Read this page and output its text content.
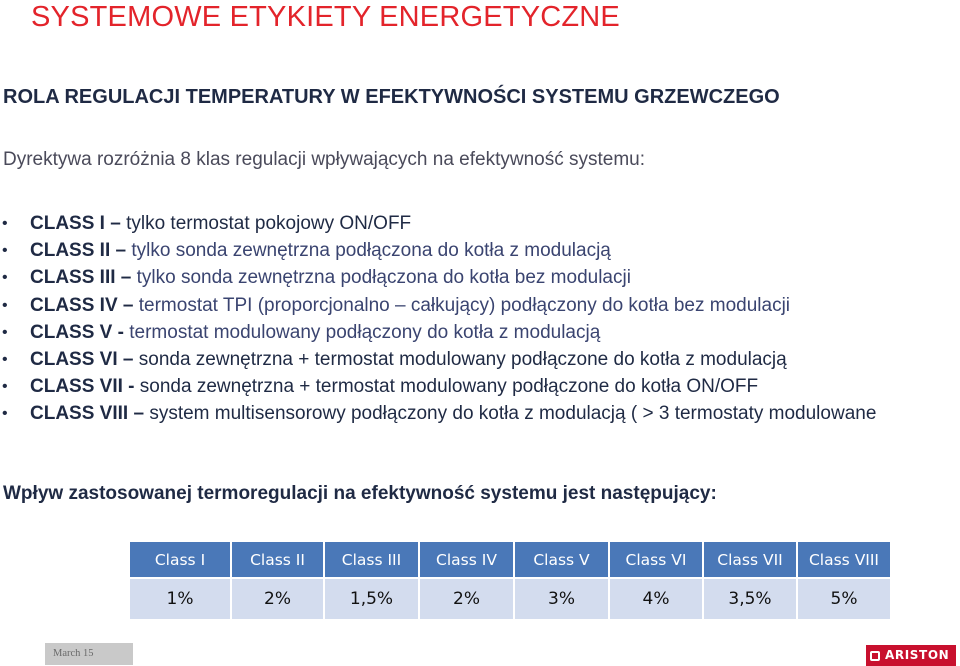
SYSTEMOWE ETYKIETY ENERGETYCZNE
ROLA REGULACJI TEMPERATURY W EFEKTYWNOŚCI SYSTEMU GRZEWCZEGO
Dyrektywa rozróżnia 8 klas regulacji wpływających na efektywność systemu:
• CLASS I – tylko termostat pokojowy ON/OFF
• CLASS II – tylko sonda zewnętrzna podłączona do kotła z modulacją
• CLASS III – tylko sonda zewnętrzna podłączona do kotła bez modulacji
• CLASS IV – termostat TPI (proporcjonalno – całkujący) podłączony do kotła bez modulacji
• CLASS V - termostat modulowany podłączony do kotła z modulacją
• CLASS VI – sonda zewnętrzna + termostat modulowany podłączone do kotła z modulacją
• CLASS VII - sonda zewnętrzna + termostat modulowany podłączone do kotła ON/OFF
• CLASS VIII – system multisensorowy podłączony do kotła z modulacją ( > 3 termostaty modulowane
Wpływ zastosowanej termoregulacji na efektywność systemu jest następujący:
Class I	Class II	Class III	Class IV	Class V	Class VI	Class VII	Class VIII
1%	2%	1,5%	2%	3%	4%	3,5%	5%
March 15	ARISTON
